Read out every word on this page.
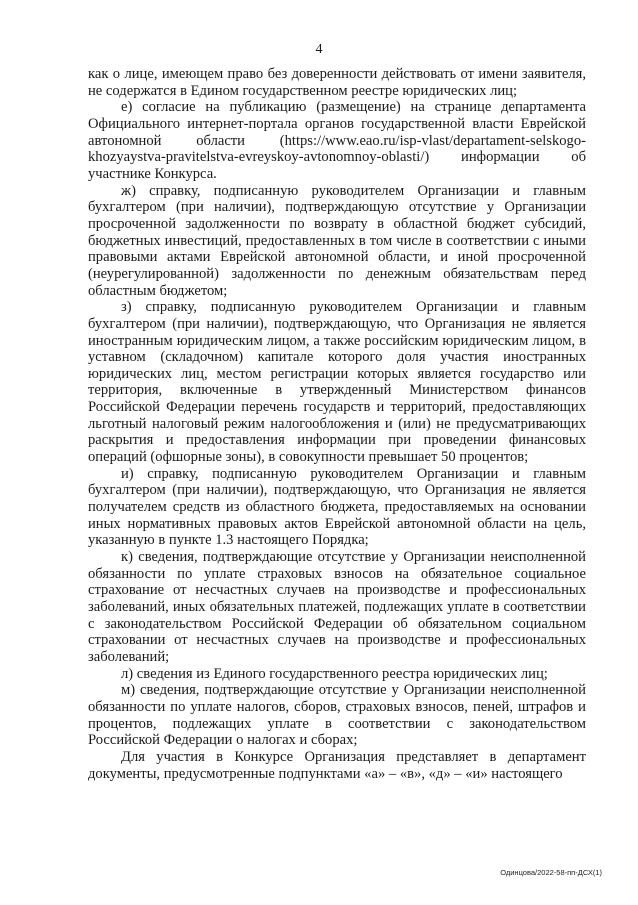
4

как о лице, имеющем право без доверенности действовать от имени заявителя, не содержатся в Едином государственном реестре юридических лиц;

е) согласие на публикацию (размещение) на странице департамента Официального интернет-портала органов государственной власти Еврейской автономной области (https://www.eao.ru/isp-vlast/departament-selskogo-khozyaystva-pravitelstva-evreyskoy-avtonomnoy-oblasti/) информации об участнике Конкурса.

ж) справку, подписанную руководителем Организации и главным бухгалтером (при наличии), подтверждающую отсутствие у Организации просроченной задолженности по возврату в областной бюджет субсидий, бюджетных инвестиций, предоставленных в том числе в соответствии с иными правовыми актами Еврейской автономной области, и иной просроченной (неурегулированной) задолженности по денежным обязательствам перед областным бюджетом;

з) справку, подписанную руководителем Организации и главным бухгалтером (при наличии), подтверждающую, что Организация не является иностранным юридическим лицом, а также российским юридическим лицом, в уставном (складочном) капитале которого доля участия иностранных юридических лиц, местом регистрации которых является государство или территория, включенные в утвержденный Министерством финансов Российской Федерации перечень государств и территорий, предоставляющих льготный налоговый режим налогообложения и (или) не предусматривающих раскрытия и предоставления информации при проведении финансовых операций (офшорные зоны), в совокупности превышает 50 процентов;

и) справку, подписанную руководителем Организации и главным бухгалтером (при наличии), подтверждающую, что Организация не является получателем средств из областного бюджета, предоставляемых на основании иных нормативных правовых актов Еврейской автономной области на цель, указанную в пункте 1.3 настоящего Порядка;

к) сведения, подтверждающие отсутствие у Организации неисполненной обязанности по уплате страховых взносов на обязательное социальное страхование от несчастных случаев на производстве и профессиональных заболеваний, иных обязательных платежей, подлежащих уплате в соответствии с законодательством Российской Федерации об обязательном социальном страховании от несчастных случаев на производстве и профессиональных заболеваний;

л) сведения из Единого государственного реестра юридических лиц;

м) сведения, подтверждающие отсутствие у Организации неисполненной обязанности по уплате налогов, сборов, страховых взносов, пеней, штрафов и процентов, подлежащих уплате в соответствии с законодательством Российской Федерации о налогах и сборах;

Для участия в Конкурсе Организация представляет в департамент документы, предусмотренные подпунктами «а» – «в», «д» – «и» настоящего

Одинцова/2022-58-пп-ДСХ(1)
